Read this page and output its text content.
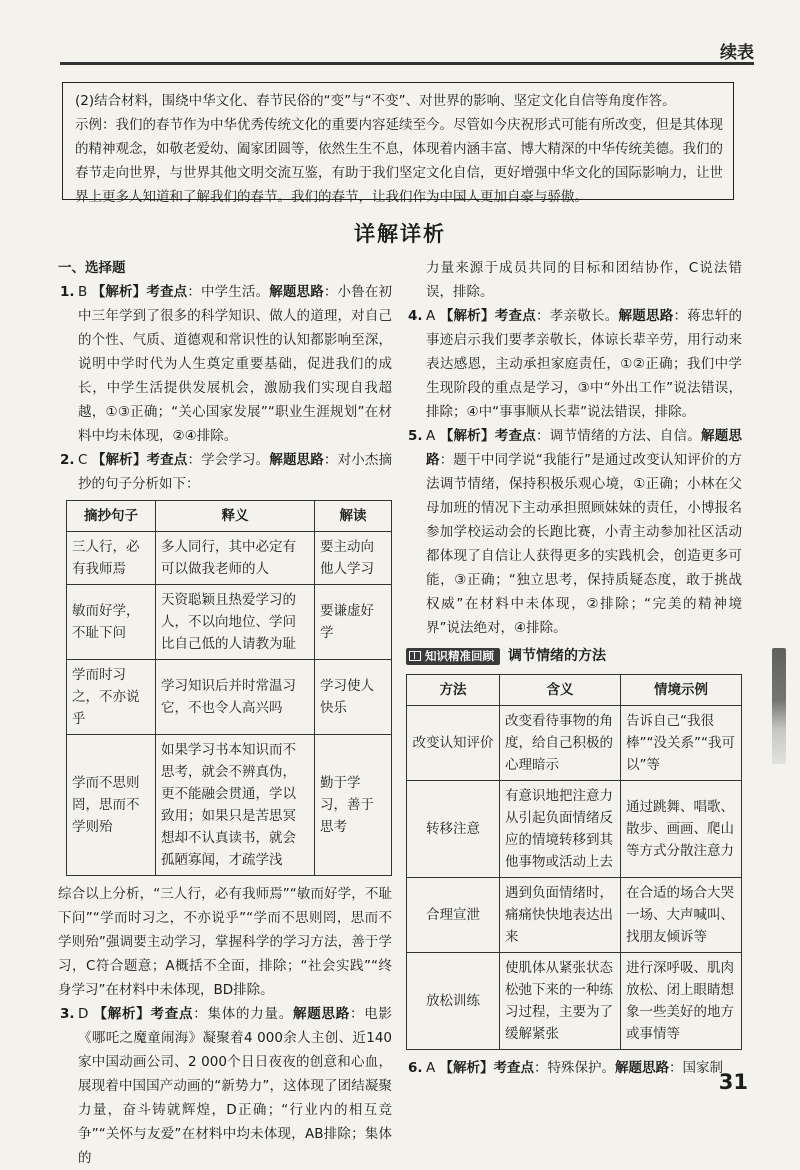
续表

(2)结合材料，围绕中华文化、春节民俗的“变”与“不变”、对世界的影响、坚定文化自信等角度作答。

示例：我们的春节作为中华优秀传统文化的重要内容延续至今。尽管如今庆祝形式可能有所改变，但是其体现的精神观念，如敬老爱幼、阖家团圆等，依然生生不息，体现着内涵丰富、博大精深的中华传统美德。我们的春节走向世界，与世界其他文明交流互鉴，有助于我们坚定文化自信，更好增强中华文化的国际影响力，让世界上更多人知道和了解我们的春节。我们的春节，让我们作为中国人更加自豪与骄傲。

详解详析

一、选择题

1. B 【解析】考查点：中学生活。解题思路：小鲁在初中三年学到了很多的科学知识、做人的道理，对自己的个性、气质、道德观和常识性的认知都影响至深，说明中学时代为人生奠定重要基础，促进我们的成长，中学生活提供发展机会，激励我们实现自我超越，①③正确；“关心国家发展”“职业生涯规划”在材料中均未体现，②④排除。

2. C 【解析】考查点：学会学习。解题思路：对小杰摘抄的句子分析如下：

摘抄句子	释义	解读
三人行，必有我师焉	多人同行，其中必定有可以做我老师的人	要主动向他人学习
敏而好学，不耻下问	天资聪颖且热爱学习的人，不以向地位、学问比自己低的人请教为耻	要谦虚好学
学而时习之，不亦说乎	学习知识后并时常温习它，不也令人高兴吗	学习使人快乐
学而不思则罔，思而不学则殆	如果学习书本知识而不思考，就会不辨真伪，更不能融会贯通，学以致用；如果只是苦思冥想却不认真读书，就会孤陋寡闻，才疏学浅	勤于学习，善于思考

综合以上分析，“三人行，必有我师焉”“敏而好学，不耻下问”“学而时习之，不亦说乎”“学而不思则罔，思而不学则殆”强调要主动学习，掌握科学的学习方法，善于学习，C符合题意；A概括不全面，排除；“社会实践”“终身学习”在材料中未体现，BD排除。

3. D 【解析】考查点：集体的力量。解题思路：电影《哪吒之魔童闹海》凝聚着4 000余人主创、近140家中国动画公司、2 000个日日夜夜的创意和心血，展现着中国国产动画的“新势力”，这体现了团结凝聚力量，奋斗铸就辉煌，D正确；“行业内的相互竞争”“关怀与友爱”在材料中均未体现，AB排除；集体的

力量来源于成员共同的目标和团结协作，C说法错误，排除。

4. A 【解析】考查点：孝亲敬长。解题思路：蒋忠轩的事迹启示我们要孝亲敬长，体谅长辈辛劳，用行动来表达感恩，主动承担家庭责任，①②正确；我们中学生现阶段的重点是学习，③中“外出工作”说法错误，排除；④中“事事顺从长辈”说法错误，排除。

5. A 【解析】考查点：调节情绪的方法、自信。解题思路：题干中同学说“我能行”是通过改变认知评价的方法调节情绪，保持积极乐观心境，①正确；小林在父母加班的情况下主动承担照顾妹妹的责任，小博报名参加学校运动会的长跑比赛，小青主动参加社区活动都体现了自信让人获得更多的实践机会，创造更多可能，③正确；“独立思考，保持质疑态度，敢于挑战权威”在材料中未体现，②排除；“完美的精神境界”说法绝对，④排除。

知识精准回顾 调节情绪的方法
方法	含义	情境示例
改变认知评价	改变看待事物的角度，给自己积极的心理暗示	告诉自己“我很棒”“没关系”“我可以”等
转移注意	有意识地把注意力从引起负面情绪反应的情境转移到其他事物或活动上去	通过跳舞、唱歌、散步、画画、爬山等方式分散注意力
合理宣泄	遇到负面情绪时，痛痛快快地表达出来	在合适的场合大哭一场、大声喊叫、找朋友倾诉等
放松训练	使肌体从紧张状态松弛下来的一种练习过程，主要为了缓解紧张	进行深呼吸、肌肉放松、闭上眼睛想象一些美好的地方或事情等

6. A 【解析】考查点：特殊保护。解题思路：国家制

31
